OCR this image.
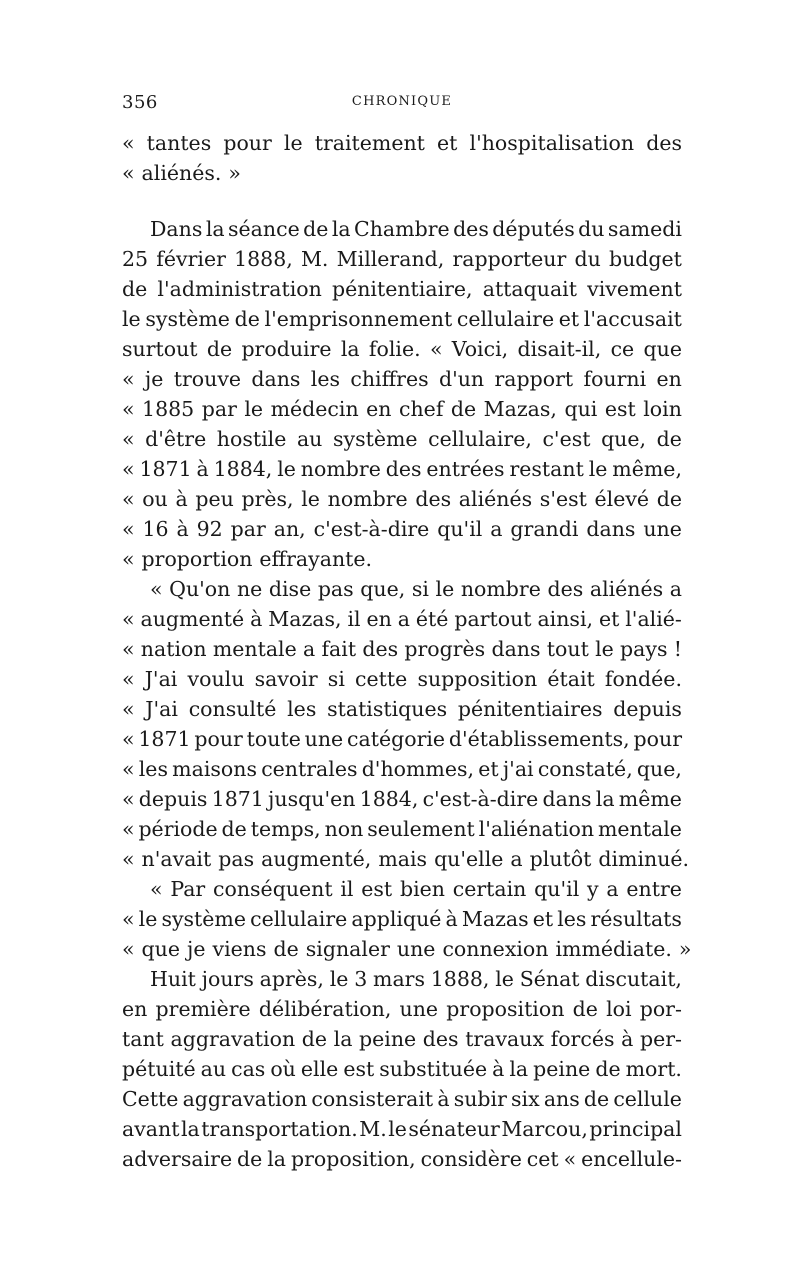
356	CHRONIQUE
« tantes pour le traitement et l'hospitalisation des
« aliénés. »
Dans la séance de la Chambre des députés du samedi
25 février 1888, M. Millerand, rapporteur du budget
de l'administration pénitentiaire, attaquait vivement
le système de l'emprisonnement cellulaire et l'accusait
surtout de produire la folie. « Voici, disait-il, ce que
« je trouve dans les chiffres d'un rapport fourni en
« 1885 par le médecin en chef de Mazas, qui est loin
« d'être hostile au système cellulaire, c'est que, de
« 1871 à 1884, le nombre des entrées restant le même,
« ou à peu près, le nombre des aliénés s'est élevé de
« 16 à 92 par an, c'est-à-dire qu'il a grandi dans une
« proportion effrayante.
« Qu'on ne dise pas que, si le nombre des aliénés a
« augmenté à Mazas, il en a été partout ainsi, et l'alié-
« nation mentale a fait des progrès dans tout le pays !
« J'ai voulu savoir si cette supposition était fondée.
« J'ai consulté les statistiques pénitentiaires depuis
« 1871 pour toute une catégorie d'établissements, pour
« les maisons centrales d'hommes, et j'ai constaté, que,
« depuis 1871 jusqu'en 1884, c'est-à-dire dans la même
« période de temps, non seulement l'aliénation mentale
« n'avait pas augmenté, mais qu'elle a plutôt diminué.
« Par conséquent il est bien certain qu'il y a entre
« le système cellulaire appliqué à Mazas et les résultats
« que je viens de signaler une connexion immédiate. »
Huit jours après, le 3 mars 1888, le Sénat discutait,
en première délibération, une proposition de loi por-
tant aggravation de la peine des travaux forcés à per-
pétuité au cas où elle est substituée à la peine de mort.
Cette aggravation consisterait à subir six ans de cellule
avant la transportation. M. le sénateur Marcou, principal
adversaire de la proposition, considère cet « encellule-
